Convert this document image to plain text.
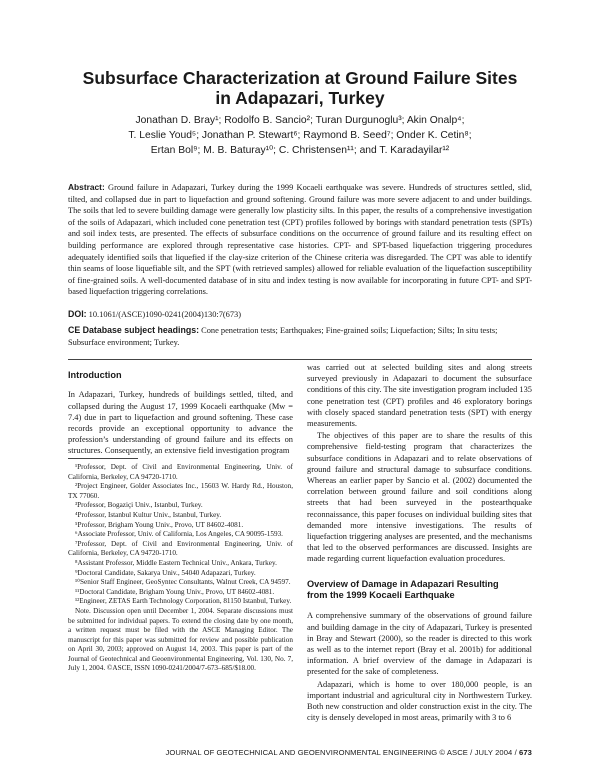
Subsurface Characterization at Ground Failure Sites
in Adapazari, Turkey
Jonathan D. Bray¹; Rodolfo B. Sancio²; Turan Durgunoglu³; Akin Onalp⁴;
T. Leslie Youd⁵; Jonathan P. Stewart⁶; Raymond B. Seed⁷; Onder K. Cetin⁸;
Ertan Bol⁹; M. B. Baturay¹⁰; C. Christensen¹¹; and T. Karadayilar¹²
Abstract: Ground failure in Adapazari, Turkey during the 1999 Kocaeli earthquake was severe. Hundreds of structures settled, slid, tilted, and collapsed due in part to liquefaction and ground softening. Ground failure was more severe adjacent to and under buildings. The soils that led to severe building damage were generally low plasticity silts. In this paper, the results of a comprehensive investigation of the soils of Adapazari, which included cone penetration test (CPT) profiles followed by borings with standard penetration tests (SPTs) and soil index tests, are presented. The effects of subsurface conditions on the occurrence of ground failure and its resulting effect on building performance are explored through representative case histories. CPT- and SPT-based liquefaction triggering procedures adequately identified soils that liquefied if the clay-size criterion of the Chinese criteria was disregarded. The CPT was able to identify thin seams of loose liquefiable silt, and the SPT (with retrieved samples) allowed for reliable evaluation of the liquefaction susceptibility of fine-grained soils. A well-documented database of in situ and index testing is now available for incorporating in future CPT- and SPT-based liquefaction triggering correlations.
DOI: 10.1061/(ASCE)1090-0241(2004)130:7(673)
CE Database subject headings: Cone penetration tests; Earthquakes; Fine-grained soils; Liquefaction; Silts; In situ tests; Subsurface environment; Turkey.
Introduction

In Adapazari, Turkey, hundreds of buildings settled, tilted, and collapsed during the August 17, 1999 Kocaeli earthquake (Mw = 7.4) due in part to liquefaction and ground softening. These case records provide an exceptional opportunity to advance the profession’s understanding of ground failure and its effects on structures. Consequently, an extensive field investigation program

¹Professor, Dept. of Civil and Environmental Engineering, Univ. of California, Berkeley, CA 94720-1710.
²Project Engineer, Golder Associates Inc., 15603 W. Hardy Rd., Houston, TX 77060.
³Professor, Bogaziçi Univ., Istanbul, Turkey.
⁴Professor, Istanbul Kultur Univ., Istanbul, Turkey.
⁵Professor, Brigham Young Univ., Provo, UT 84602-4081.
⁶Associate Professor, Univ. of California, Los Angeles, CA 90095-1593.
⁷Professor, Dept. of Civil and Environmental Engineering, Univ. of California, Berkeley, CA 94720-1710.
⁸Assistant Professor, Middle Eastern Technical Univ., Ankara, Turkey.
⁹Doctoral Candidate, Sakarya Univ., 54040 Adapazari, Turkey.
¹⁰Senior Staff Engineer, GeoSyntec Consultants, Walnut Creek, CA 94597.
¹¹Doctoral Candidate, Brigham Young Univ., Provo, UT 84602-4081.
¹²Engineer, ZETAS Earth Technology Corporation, 81150 Istanbul, Turkey.
Note. Discussion open until December 1, 2004. Separate discussions must be submitted for individual papers. To extend the closing date by one month, a written request must be filed with the ASCE Managing Editor. The manuscript for this paper was submitted for review and possible publication on April 30, 2003; approved on August 14, 2003. This paper is part of the Journal of Geotechnical and Geoenvironmental Engineering, Vol. 130, No. 7, July 1, 2004. ©ASCE, ISSN 1090-0241/2004/7-673–685/$18.00.

was carried out at selected building sites and along streets surveyed previously in Adapazari to document the subsurface conditions of this city. The site investigation program included 135 cone penetration test (CPT) profiles and 46 exploratory borings with closely spaced standard penetration tests (SPT) with energy measurements.

The objectives of this paper are to share the results of this comprehensive field-testing program that characterizes the subsurface conditions in Adapazari and to relate observations of ground failure and structural damage to subsurface conditions. Whereas an earlier paper by Sancio et al. (2002) documented the correlation between ground failure and soil conditions along streets that had been surveyed in the postearthquake reconnaissance, this paper focuses on individual building sites that demanded more intensive investigations. The results of liquefaction triggering analyses are presented, and the mechanisms that led to the observed performances are discussed. Insights are made regarding current liquefaction evaluation procedures.

Overview of Damage in Adapazari Resulting
from the 1999 Kocaeli Earthquake

A comprehensive summary of the observations of ground failure and building damage in the city of Adapazari, Turkey is presented in Bray and Stewart (2000), so the reader is directed to this work as well as to the internet report (Bray et al. 2001b) for additional information. A brief overview of the damage in Adapazari is presented for the sake of completeness.

Adapazari, which is home to over 180,000 people, is an important industrial and agricultural city in Northwestern Turkey. Both new construction and older construction exist in the city. The city is densely developed in most areas, primarily with 3 to 6

JOURNAL OF GEOTECHNICAL AND GEOENVIRONMENTAL ENGINEERING © ASCE / JULY 2004 / 673
